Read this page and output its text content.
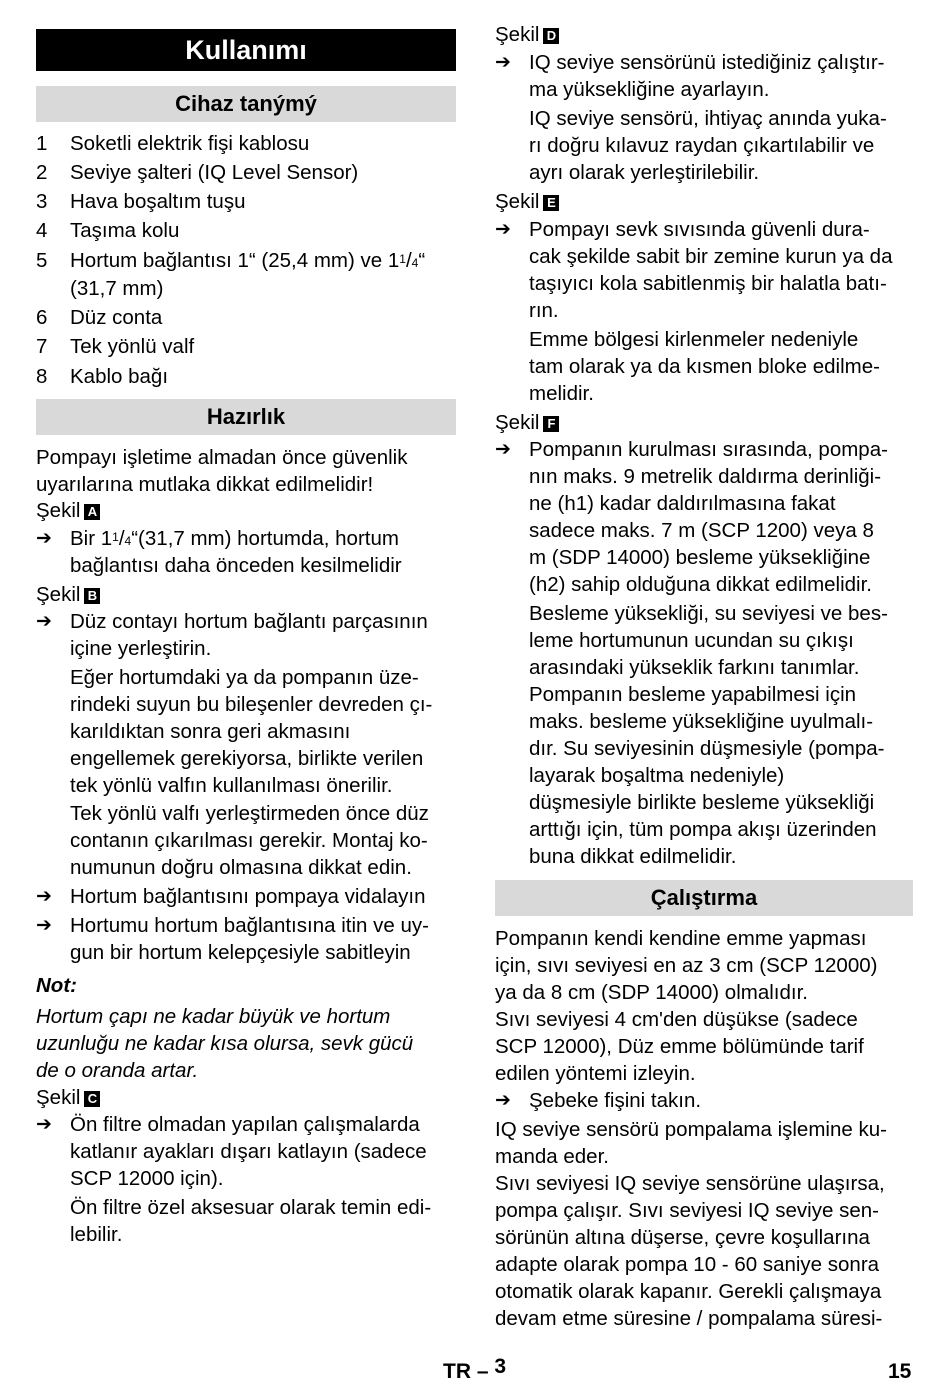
Kullanımı
Cihaz tanýmý
1 Soketli elektrik fişi kablosu
2 Seviye şalteri (IQ Level Sensor)
3 Hava boşaltım tuşu
4 Taşıma kolu
5 Hortum bağlantısı 1“ (25,4 mm) ve $1^1/_4“$
(31,7 mm)
6 Düz conta
7 Tek yönlü valf
8 Kablo bağı
Hazırlık
Pompayı işletime almadan önce güvenlik
uyarılarına mutlaka dikkat edilmelidir!
Şekil A
➔ Bir $1^1/_4“(31,7$ mm) hortumda, hortum
bağlantısı daha önceden kesilmelidir
Şekil B
➔ Düz contayı hortum bağlantı parçasının
içine yerleştirin.
Eğer hortumdaki ya da pompanın üze-
rindeki suyun bu bileşenler devreden çı-
karıldıktan sonra geri akmasını
engellemek gerekiyorsa, birlikte verilen
tek yönlü valfın kullanılması önerilir.
Tek yönlü valfı yerleştirmeden önce düz
contanın çıkarılması gerekir. Montaj ko-
numunun doğru olmasına dikkat edin.
➔ Hortum bağlantısını pompaya vidalayın
➔ Hortumu hortum bağlantısına itin ve uy-
gun bir hortum kelepçesiyle sabitleyin
Not:
Hortum çapı ne kadar büyük ve hortum
uzunluğu ne kadar kısa olursa, sevk gücü
de o oranda artar.
Şekil C
➔ Ön filtre olmadan yapılan çalışmalarda
katlanır ayakları dışarı katlayın (sadece
SCP 12000 için).
Ön filtre özel aksesuar olarak temin edi-
lebilir.
Şekil D
➔ IQ seviye sensörünü istediğiniz çalıştır-
ma yüksekliğine ayarlayın.
IQ seviye sensörü, ihtiyaç anında yuka-
rı doğru kılavuz raydan çıkartılabilir ve
ayrı olarak yerleştirilebilir.
Şekil E
➔ Pompayı sevk sıvısında güvenli dura-
cak şekilde sabit bir zemine kurun ya da
taşıyıcı kola sabitlenmiş bir halatla batı-
rın.
Emme bölgesi kirlenmeler nedeniyle
tam olarak ya da kısmen bloke edilme-
melidir.
Şekil F
➔ Pompanın kurulması sırasında, pompa-
nın maks. 9 metrelik daldırma derinliği-
ne (h1) kadar daldırılmasına fakat
sadece maks. 7 m (SCP 1200) veya 8
m (SDP 14000) besleme yüksekliğine
(h2) sahip olduğuna dikkat edilmelidir.
Besleme yüksekliği, su seviyesi ve bes-
leme hortumunun ucundan su çıkışı
arasındaki yükseklik farkını tanımlar.
Pompanın besleme yapabilmesi için
maks. besleme yüksekliğine uyulmalı-
dır. Su seviyesinin düşmesiyle (pompa-
layarak boşaltma nedeniyle)
düşmesiyle birlikte besleme yüksekliği
arttığı için, tüm pompa akışı üzerinden
buna dikkat edilmelidir.
Çalıştırma
Pompanın kendi kendine emme yapması
için, sıvı seviyesi en az 3 cm (SCP 12000)
ya da 8 cm (SDP 14000) olmalıdır.
Sıvı seviyesi 4 cm'den düşükse (sadece
SCP 12000), Düz emme bölümünde tarif
edilen yöntemi izleyin.
➔ Şebeke fişini takın.
IQ seviye sensörü pompalama işlemine ku-
manda eder.
Sıvı seviyesi IQ seviye sensörüne ulaşırsa,
pompa çalışır. Sıvı seviyesi IQ seviye sen-
sörünün altına düşerse, çevre koşullarına
adapte olarak pompa 10 - 60 saniye sonra
otomatik olarak kapanır. Gerekli çalışmaya
devam etme süresine / pompalama süresi-
TR – 3	15
